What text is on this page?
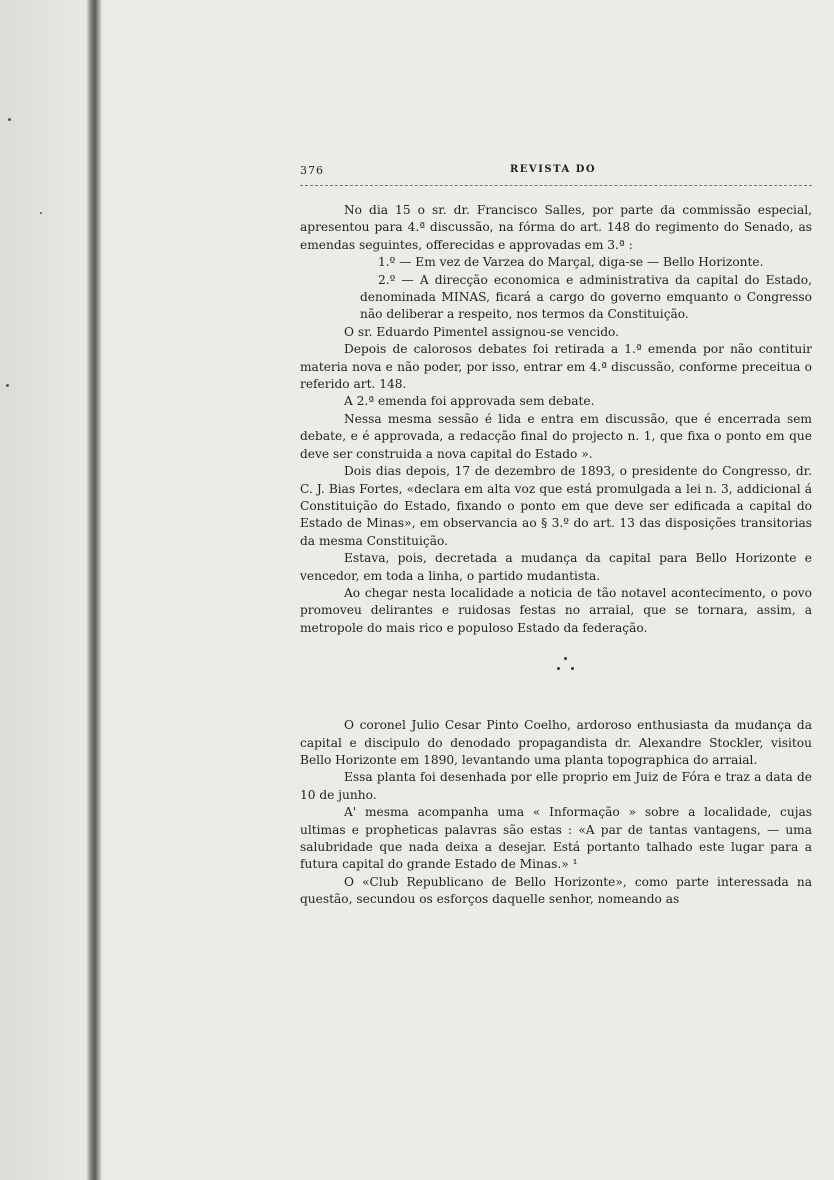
376	REVISTA DO

No dia 15 o sr. dr. Francisco Salles, por parte da commissão especial, apresentou para 4.ª discussão, na fórma do art. 148 do regimento do Senado, as emendas seguintes, offerecidas e approvadas em 3.ª :

1.º — Em vez de Varzea do Marçal, diga-se — Bello Horizonte.

2.º — A direcção economica e administrativa da capital do Estado, denominada MINAS, ficará a cargo do governo emquanto o Congresso não deliberar a respeito, nos termos da Constituição.

O sr. Eduardo Pimentel assignou-se vencido.

Depois de calorosos debates foi retirada a 1.ª emenda por não contituir materia nova e não poder, por isso, entrar em 4.ª discussão, conforme preceitua o referido art. 148.

A 2.ª emenda foi approvada sem debate.

Nessa mesma sessão é lida e entra em discussão, que é encerrada sem debate, e é approvada, a redacção final do projecto n. 1, que fixa o ponto em que deve ser construida a nova capital do Estado ».

Dois dias depois, 17 de dezembro de 1893, o presidente do Congresso, dr. C. J. Bias Fortes, «declara em alta voz que está promulgada a lei n. 3, addicional á Constituição do Estado, fixando o ponto em que deve ser edificada a capital do Estado de Minas», em observancia ao § 3.º do art. 13 das disposições transitorias da mesma Constituição.

Estava, pois, decretada a mudança da capital para Bello Horizonte e vencedor, em toda a linha, o partido mudantista.

Ao chegar nesta localidade a noticia de tão notavel acontecimento, o povo promoveu delirantes e ruidosas festas no arraial, que se tornara, assim, a metropole do mais rico e populoso Estado da federação.

O coronel Julio Cesar Pinto Coelho, ardoroso enthusiasta da mudança da capital e discipulo do denodado propagandista dr. Alexandre Stockler, visitou Bello Horizonte em 1890, levantando uma planta topographica do arraial.

Essa planta foi desenhada por elle proprio em Juiz de Fóra e traz a data de 10 de junho.

A' mesma acompanha uma « Informação » sobre a localidade, cujas ultimas e propheticas palavras são estas : «A par de tantas vantagens, — uma salubridade que nada deixa a desejar. Está portanto talhado este lugar para a futura capital do grande Estado de Minas.» ¹

O «Club Republicano de Bello Horizonte», como parte interessada na questão, secundou os esforços daquelle senhor, nomeando as
